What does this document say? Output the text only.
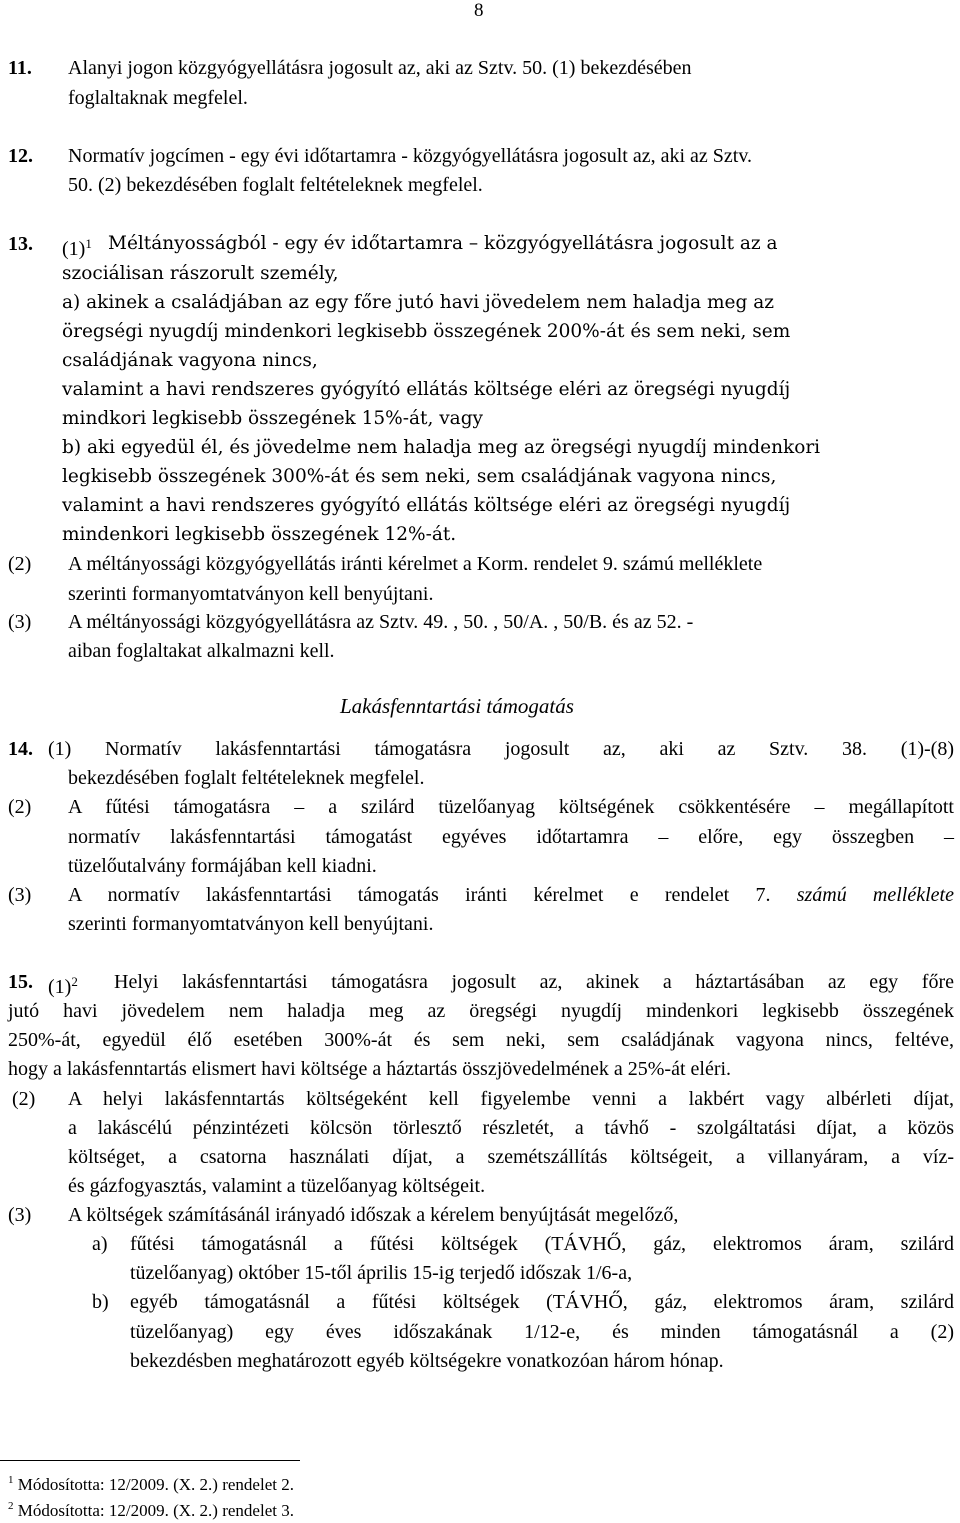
8
11. Alanyi jogon közgyógyellátásra jogosult az, aki az Sztv. 50. (1) bekezdésében
foglaltaknak megfelel.
12. Normatív jogcímen - egy évi időtartamra - közgyógyellátásra jogosult az, aki az Sztv.
50. (2) bekezdésében foglalt feltételeknek megfelel.
13. $(1)^1$ Méltányosságból - egy év időtartamra – közgyógyellátásra jogosult az a
szociálisan rászorult személy,
a) akinek a családjában az egy főre jutó havi jövedelem nem haladja meg az
öregségi nyugdíj mindenkori legkisebb összegének 200%-át és sem neki, sem
családjának vagyona nincs,
valamint a havi rendszeres gyógyító ellátás költsége eléri az öregségi nyugdíj
mindkori legkisebb összegének 15%-át, vagy
b) aki egyedül él, és jövedelme nem haladja meg az öregségi nyugdíj mindenkori
legkisebb összegének 300%-át és sem neki, sem családjának vagyona nincs,
valamint a havi rendszeres gyógyító ellátás költsége eléri az öregségi nyugdíj
mindenkori legkisebb összegének 12%-át.
(2) A méltányossági közgyógyellátás iránti kérelmet a Korm. rendelet 9. számú melléklete
szerinti formanyomtatványon kell benyújtani.
(3) A méltányossági közgyógyellátásra az Sztv. 49. , 50. , 50/A. , 50/B. és az 52. -
aiban foglaltakat alkalmazni kell.
Lakásfenntartási támogatás
14. (1) Normatív lakásfenntartási támogatásra jogosult az, aki az Sztv. 38. (1)-(8)
bekezdésében foglalt feltételeknek megfelel.
(2) A fűtési támogatásra – a szilárd tüzelőanyag költségének csökkentésére – megállapított
normatív lakásfenntartási támogatást egyéves időtartamra – előre, egy összegben –
tüzelőutalvány formájában kell kiadni.
(3) A normatív lakásfenntartási támogatás iránti kérelmet e rendelet 7. számú melléklete
szerinti formanyomtatványon kell benyújtani.
15. $(1)^2$ Helyi lakásfenntartási támogatásra jogosult az, akinek a háztartásában az egy főre
jutó havi jövedelem nem haladja meg az öregségi nyugdíj mindenkori legkisebb összegének
250%-át, egyedül élő esetében 300%-át és sem neki, sem családjának vagyona nincs, feltéve,
hogy a lakásfenntartás elismert havi költsége a háztartás összjövedelmének a 25%-át eléri.
(2) A helyi lakásfenntartás költségeként kell figyelembe venni a lakbért vagy albérleti díjat,
a lakáscélú pénzintézeti kölcsön törlesztő részletét, a távhő - szolgáltatási díjat, a közös
költséget, a csatorna használati díjat, a szemétszállítás költségeit, a villanyáram, a víz-
és gázfogyasztás, valamint a tüzelőanyag költségeit.
(3) A költségek számításánál irányadó időszak a kérelem benyújtását megelőző,
a) fűtési támogatásnál a fűtési költségek (TÁVHŐ, gáz, elektromos áram, szilárd
tüzelőanyag) október 15-től április 15-ig terjedő időszak 1/6-a,
b) egyéb támogatásnál a fűtési költségek (TÁVHŐ, gáz, elektromos áram, szilárd
tüzelőanyag) egy éves időszakának 1/12-e, és minden támogatásnál a (2)
bekezdésben meghatározott egyéb költségekre vonatkozóan három hónap.
$^1$ Módosította: 12/2009. (X. 2.) rendelet 2.
$^2$ Módosította: 12/2009. (X. 2.) rendelet 3.
